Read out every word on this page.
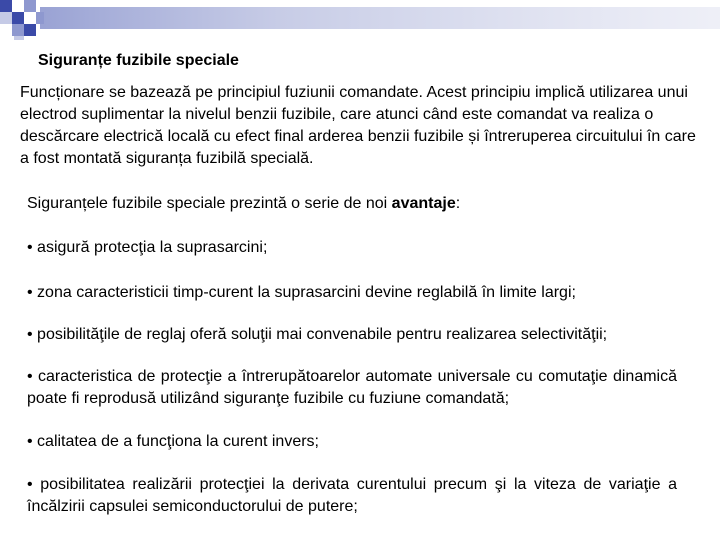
Siguranțe fuzibile speciale

Funcționare se bazează pe principiul fuziunii comandate. Acest principiu implică utilizarea unui electrod suplimentar la nivelul benzii fuzibile, care atunci când este comandat va realiza o descărcare electrică locală cu efect final arderea benzii fuzibile și întreruperea circuitului în care a fost montată siguranța fuzibilă specială.

Siguranțele fuzibile speciale prezintă o serie de noi avantaje:

• asigură protecţia la suprasarcini;
• zona caracteristicii timp-curent la suprasarcini devine reglabilă în limite largi;
• posibilităţile de reglaj oferă soluţii mai convenabile pentru realizarea selectivităţii;
• caracteristica de protecţie a întrerupătoarelor automate universale cu comutaţie dinamică poate fi reprodusă utilizând siguranţe fuzibile cu fuziune comandată;
• calitatea de a funcţiona la curent invers;
• posibilitatea realizării protecţiei la derivata curentului precum şi la viteza de variaţie a încălzirii capsulei semiconductorului de putere;
